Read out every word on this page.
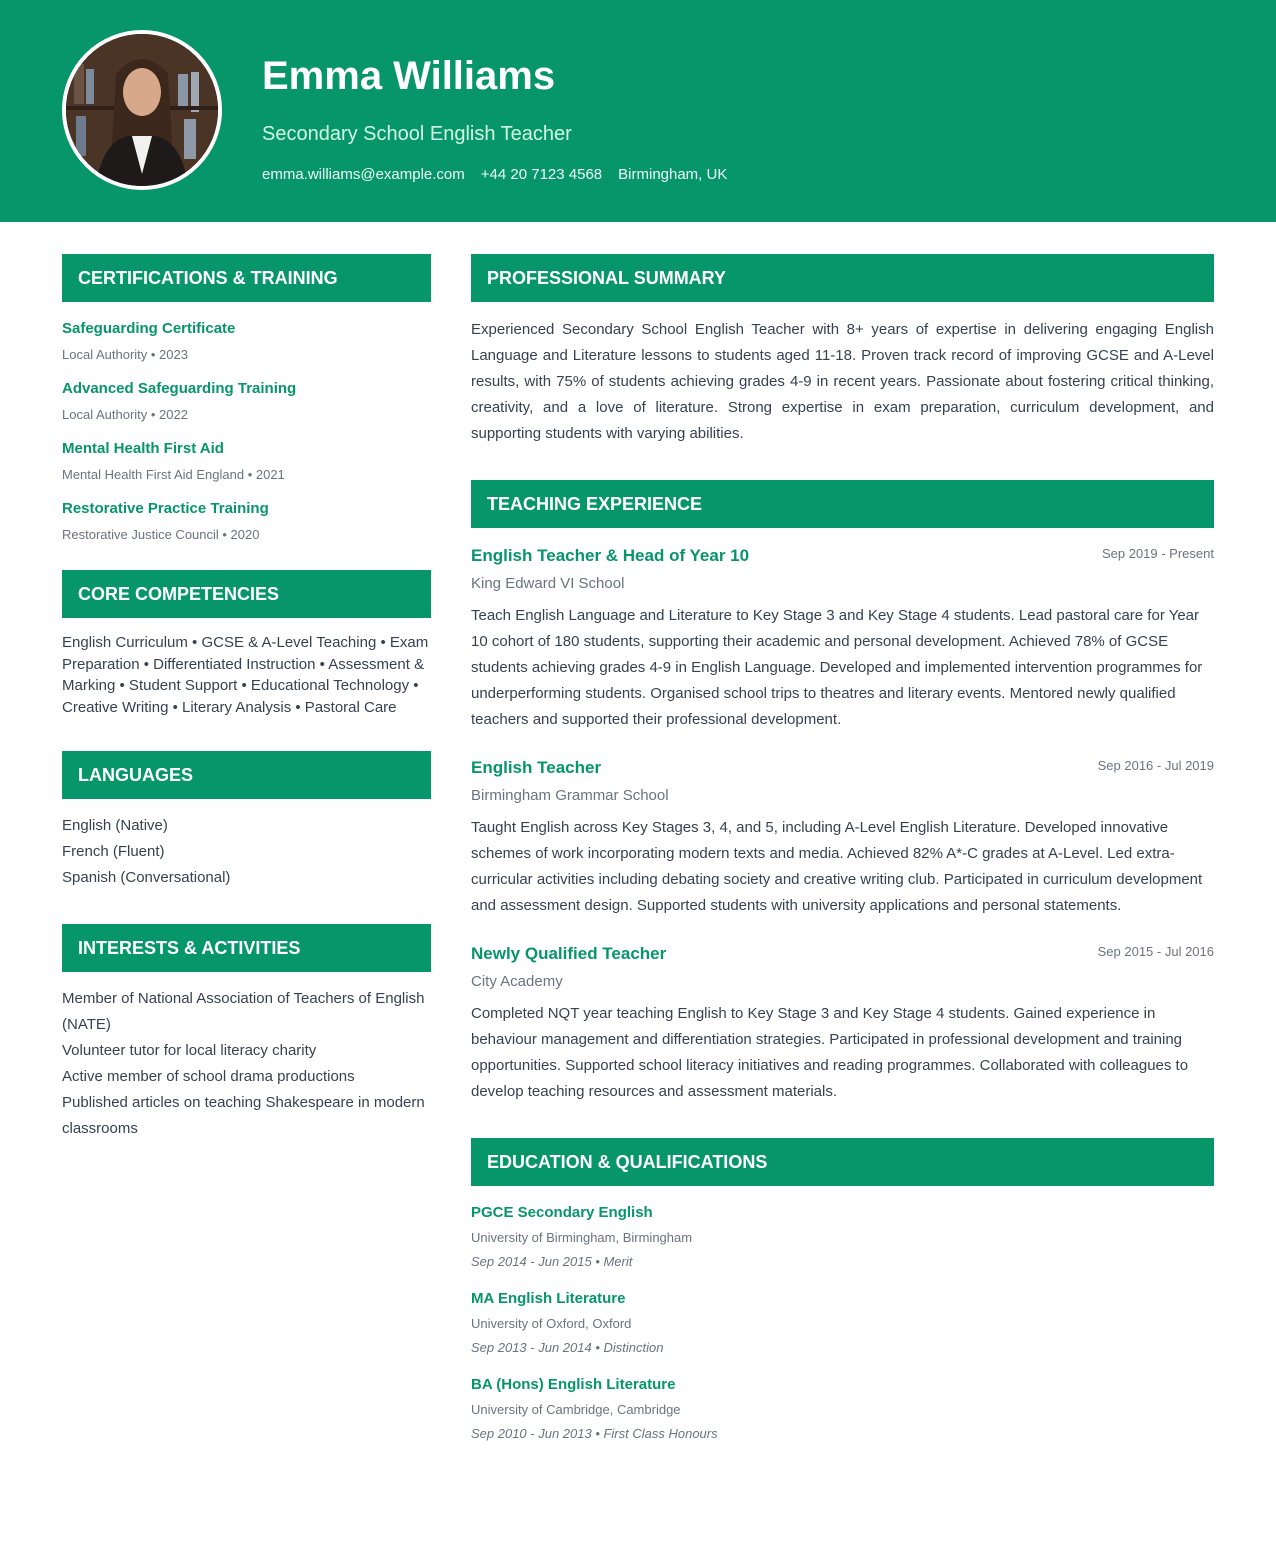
Emma Williams
Secondary School English Teacher
emma.williams@example.com +44 20 7123 4568 Birmingham, UK
CERTIFICATIONS & TRAINING
Safeguarding Certificate
Local Authority • 2023
Advanced Safeguarding Training
Local Authority • 2022
Mental Health First Aid
Mental Health First Aid England • 2021
Restorative Practice Training
Restorative Justice Council • 2020
CORE COMPETENCIES
English Curriculum • GCSE & A-Level Teaching • Exam Preparation • Differentiated Instruction • Assessment & Marking • Student Support • Educational Technology • Creative Writing • Literary Analysis • Pastoral Care
LANGUAGES
English (Native)
French (Fluent)
Spanish (Conversational)
INTERESTS & ACTIVITIES
Member of National Association of Teachers of English (NATE)
Volunteer tutor for local literacy charity
Active member of school drama productions
Published articles on teaching Shakespeare in modern classrooms
PROFESSIONAL SUMMARY

Experienced Secondary School English Teacher with 8+ years of expertise in delivering engaging English Language and Literature lessons to students aged 11-18. Proven track record of improving GCSE and A-Level results, with 75% of students achieving grades 4-9 in recent years. Passionate about fostering critical thinking, creativity, and a love of literature. Strong expertise in exam preparation, curriculum development, and supporting students with varying abilities.

TEACHING EXPERIENCE
English Teacher & Head of Year 10	Sep 2019 - Present
King Edward VI School

Teach English Language and Literature to Key Stage 3 and Key Stage 4 students. Lead pastoral care for Year 10 cohort of 180 students, supporting their academic and personal development. Achieved 78% of GCSE students achieving grades 4-9 in English Language. Developed and implemented intervention programmes for underperforming students. Organised school trips to theatres and literary events. Mentored newly qualified teachers and supported their professional development.

English Teacher	Sep 2016 - Jul 2019
Birmingham Grammar School

Taught English across Key Stages 3, 4, and 5, including A-Level English Literature. Developed innovative schemes of work incorporating modern texts and media. Achieved 82% A*-C grades at A-Level. Led extra-curricular activities including debating society and creative writing club. Participated in curriculum development and assessment design. Supported students with university applications and personal statements.

Newly Qualified Teacher	Sep 2015 - Jul 2016
City Academy

Completed NQT year teaching English to Key Stage 3 and Key Stage 4 students. Gained experience in behaviour management and differentiation strategies. Participated in professional development and training opportunities. Supported school literacy initiatives and reading programmes. Collaborated with colleagues to develop teaching resources and assessment materials.

EDUCATION & QUALIFICATIONS
PGCE Secondary English
University of Birmingham, Birmingham
Sep 2014 - Jun 2015 • Merit
MA English Literature
University of Oxford, Oxford
Sep 2013 - Jun 2014 • Distinction
BA (Hons) English Literature
University of Cambridge, Cambridge
Sep 2010 - Jun 2013 • First Class Honours
